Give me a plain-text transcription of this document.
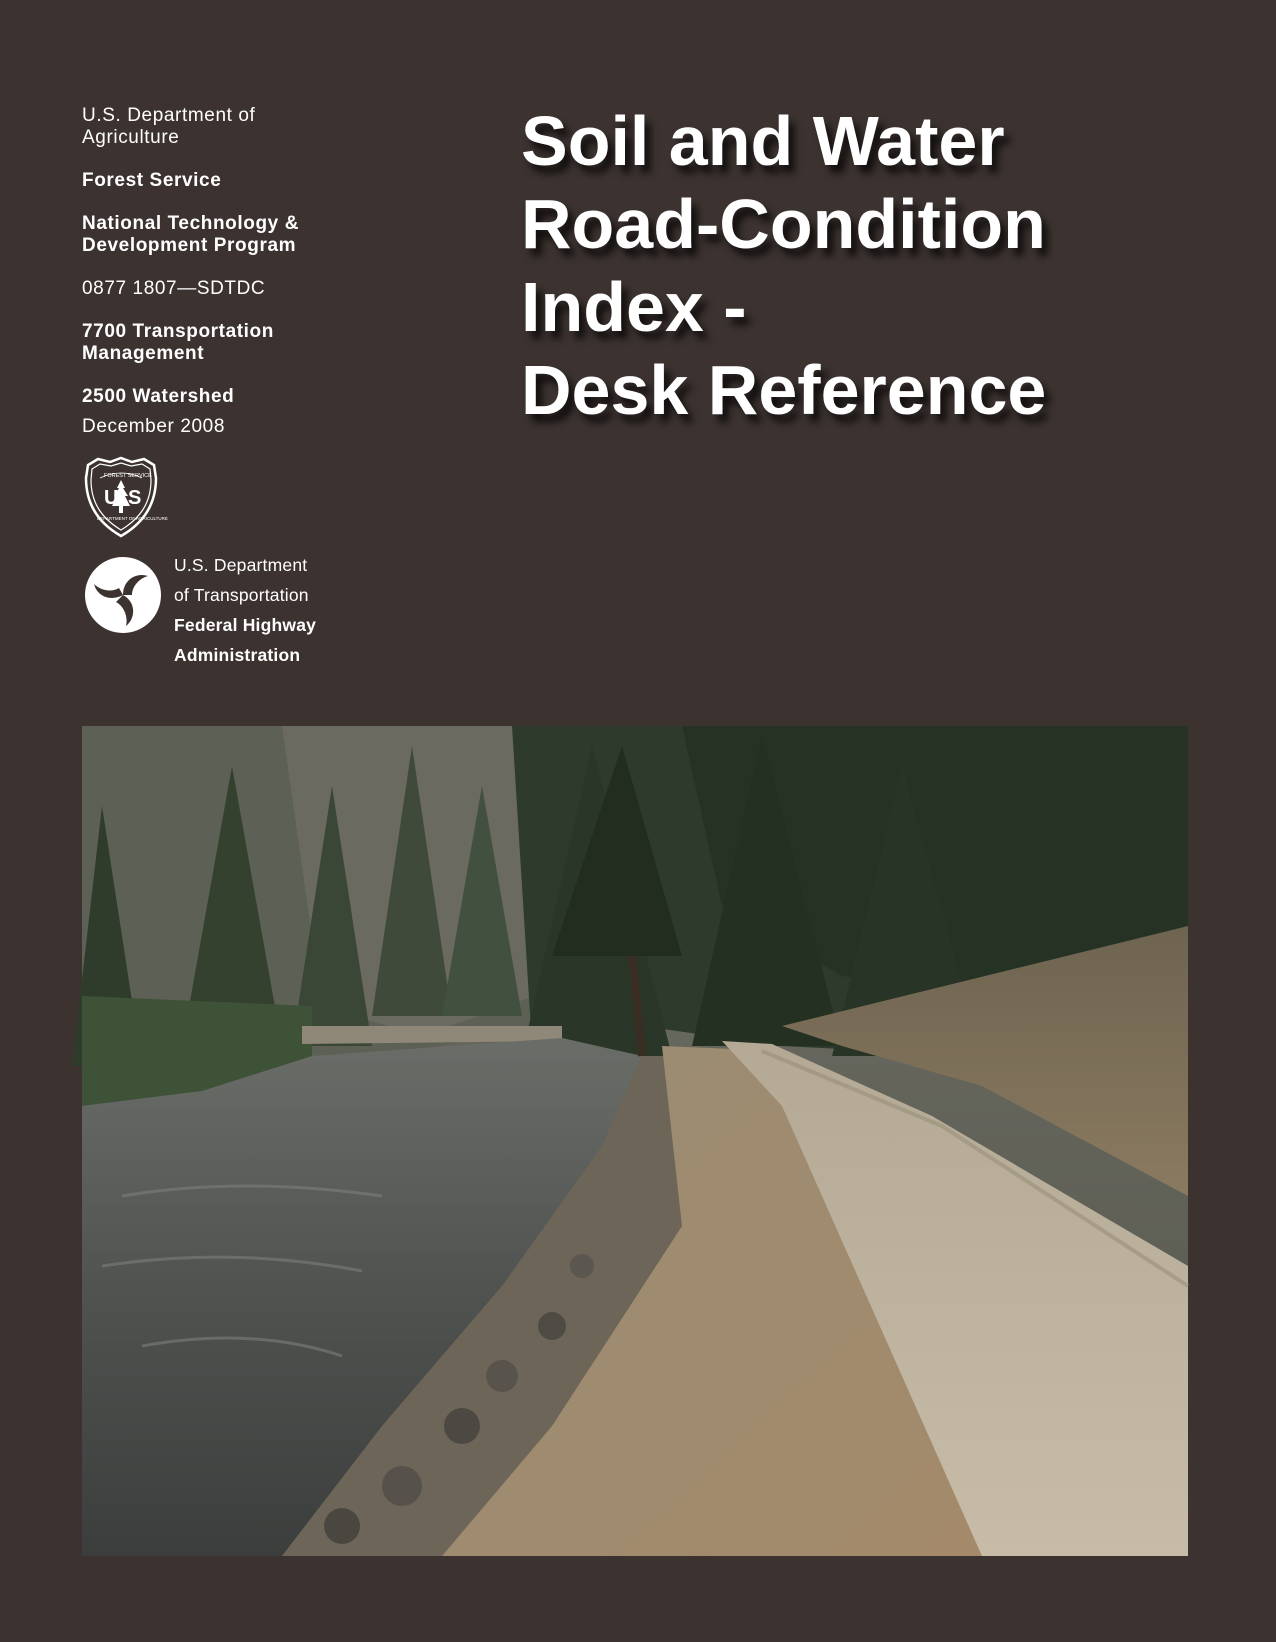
U.S. Department of Agriculture
Forest Service
National Technology & Development Program
0877 1807—SDTDC
7700 Transportation Management
2500 Watershed
December 2008
U S
FOREST SERVICE
DEPARTMENT OF AGRICULTURE
U.S. Department
of Transportation
Federal Highway
Administration
Soil and Water
Road-Condition
Index -
Desk Reference
